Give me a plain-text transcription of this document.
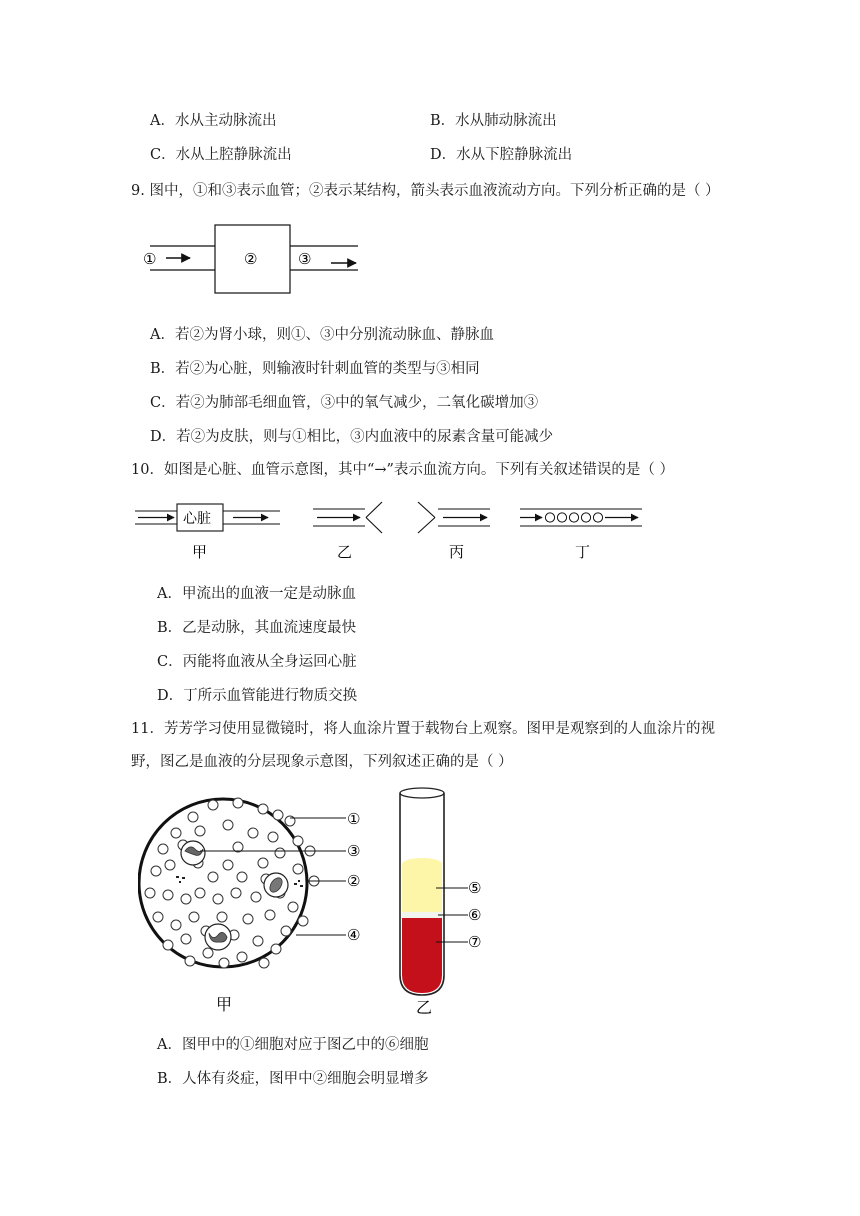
A．水从主动脉流出	B．水从肺动脉流出
C．水从上腔静脉流出	D．水从下腔静脉流出
9. 图中，①和③表示血管；②表示某结构，箭头表示血液流动方向。下列分析正确的是（ ）
①	②	③
A．若②为肾小球，则①、③中分别流动脉血、静脉血
B．若②为心脏，则输液时针刺血管的类型与③相同
C．若②为肺部毛细血管，③中的氧气减少，二氧化碳增加③
D．若②为皮肤，则与①相比，③内血液中的尿素含量可能减少
10．如图是心脏、血管示意图，其中“→”表示血流方向。下列有关叙述错误的是（ ）
心脏
甲	乙	丙	丁
A．甲流出的血液一定是动脉血
B．乙是动脉，其血流速度最快
C．丙能将血液从全身运回心脏
D．丁所示血管能进行物质交换
11．芳芳学习使用显微镜时，将人血涂片置于载物台上观察。图甲是观察到的人血涂片的视
野，图乙是血液的分层现象示意图，下列叙述正确的是（ ）
①
③
②
④
甲
⑤
⑥
⑦
乙
A．图甲中的①细胞对应于图乙中的⑥细胞
B．人体有炎症，图甲中②细胞会明显增多
